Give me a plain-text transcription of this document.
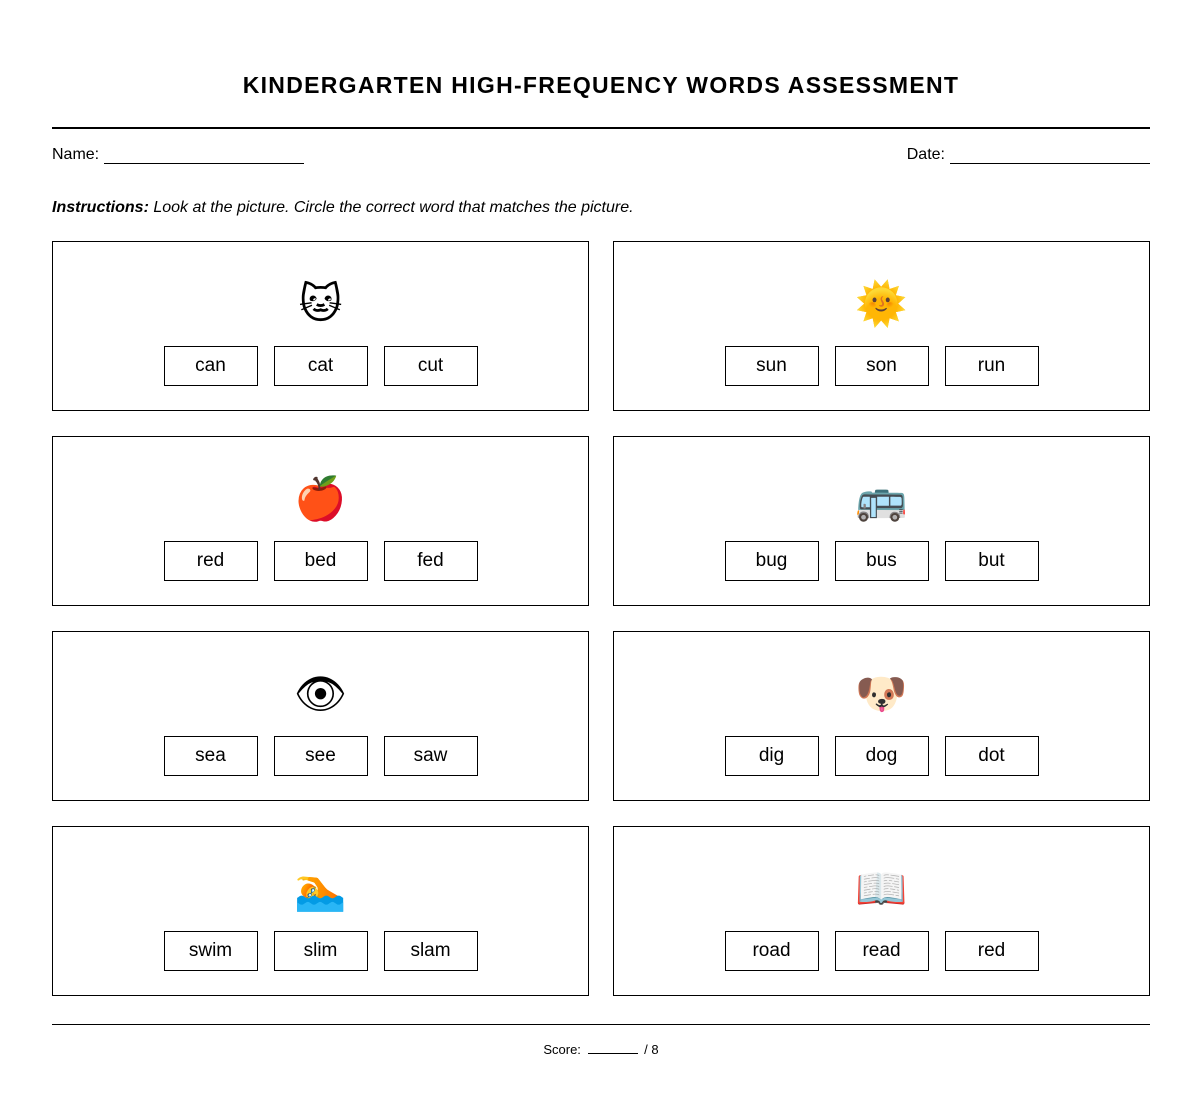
KINDERGARTEN HIGH-FREQUENCY WORDS ASSESSMENT
Name:	Date:
Instructions: Look at the picture. Circle the correct word that matches the picture.
🐱
can	cat	cut
🌞
sun	son	run
🍎
red	bed	fed
🚌
bug	bus	but
👁
sea	see	saw
🐶
dig	dog	dot
🏊
swim	slim	slam
📖
road	read	red
Score:	/ 8
